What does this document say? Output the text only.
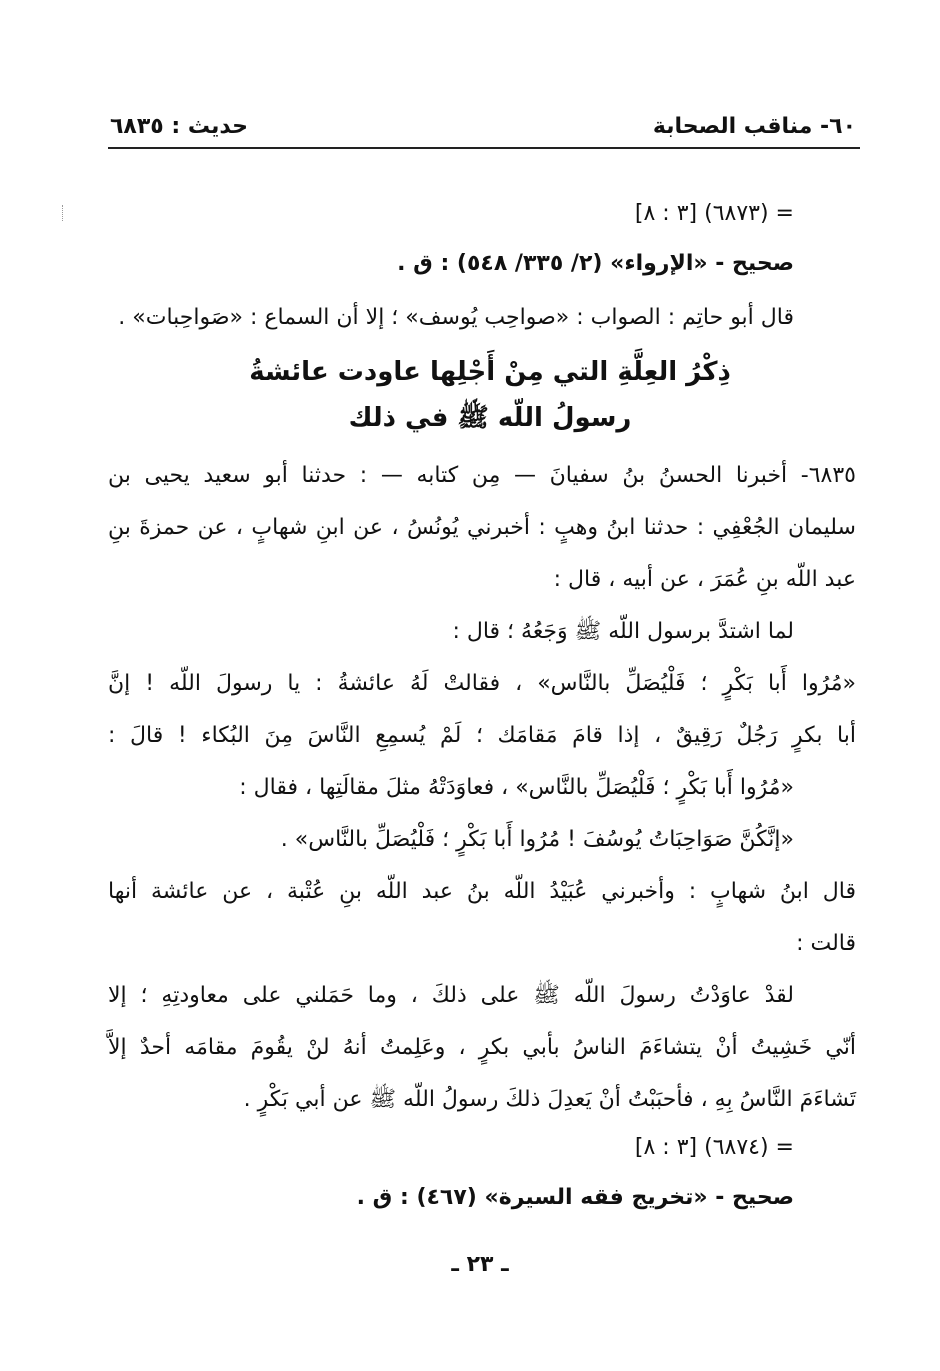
٦٠- مناقب الصحابة
حديث : ٦٨٣٥
= (٦٨٧٣) [٣ : ٨]
صحيح - «الإرواء» (٢/ ٣٣٥/ ٥٤٨) : ق .
قال أبو حاتِم : الصواب : «صواحِب يُوسف» ؛ إلا أن السماع : «صَواحِبات» .
ذِكْرُ العِلَّةِ التي مِنْ أَجْلِها عاودت عائشةُ
رسولُ اللّه ﷺ في ذلك
٦٨٣٥- أخبرنا الحسنُ بنُ سفيانَ — مِن كتابه — : حدثنا أبو سعيد يحيى بن
سليمان الجُعْفِي : حدثنا ابنُ وهبٍ : أخبرني يُونُسُ ، عن ابنِ شهابٍ ، عن حمزةَ بنِ
عبد اللّه بنِ عُمَرَ ، عن أبيه ، قال :
لما اشتدَّ برسول اللّه ﷺ وَجَعُهُ ؛ قال :
«مُرُوا أَبا بَكْرٍ ؛ فَلْيُصَلِّ بالنَّاس» ، فقالتْ لَهُ عائشةُ : يا رسولَ اللّه ! إنَّ
أبا بكرٍ رَجُلٌ رَقِيقٌ ، إذا قامَ مَقامَك ؛ لَمْ يُسمِعِ النَّاسَ مِنَ البُكاء ! قالَ :
«مُرُوا أَبا بَكْرٍ ؛ فَلْيُصَلِّ بالنَّاس» ، فعاوَدَتْهُ مثلَ مقالَتِها ، فقال :
«إنَّكُنَّ صَوَاحِبَاتُ يُوسُفَ ! مُرُوا أَبا بَكْرٍ ؛ فَلْيُصَلِّ بالنَّاس» .
قال ابنُ شهابٍ : وأخبرني عُبَيْدُ اللّه بنُ عبد اللّه بنِ عُتْبة ، عن عائشة أنها
قالت :
لقدْ عاوَدْتُ رسولَ اللّه ﷺ على ذلكَ ، وما حَمَلني على معاودتِهِ ؛ إلا
أنّي خَشِيتُ أنْ يتشاءَمَ الناسُ بأبي بكرٍ ، وعَلِمتُ أنهُ لنْ يقُومَ مقامَه أحدٌ إلاَّ
تَشاءَمَ النَّاسُ بِهِ ، فأحبَبْتُ أنْ يَعدِلَ ذلكَ رسولُ اللّه ﷺ عن أبي بَكْرٍ .
= (٦٨٧٤) [٣ : ٨]
صحيح - «تخريج فقه السيرة» (٤٦٧) : ق .
ـ ٢٣ ـ
